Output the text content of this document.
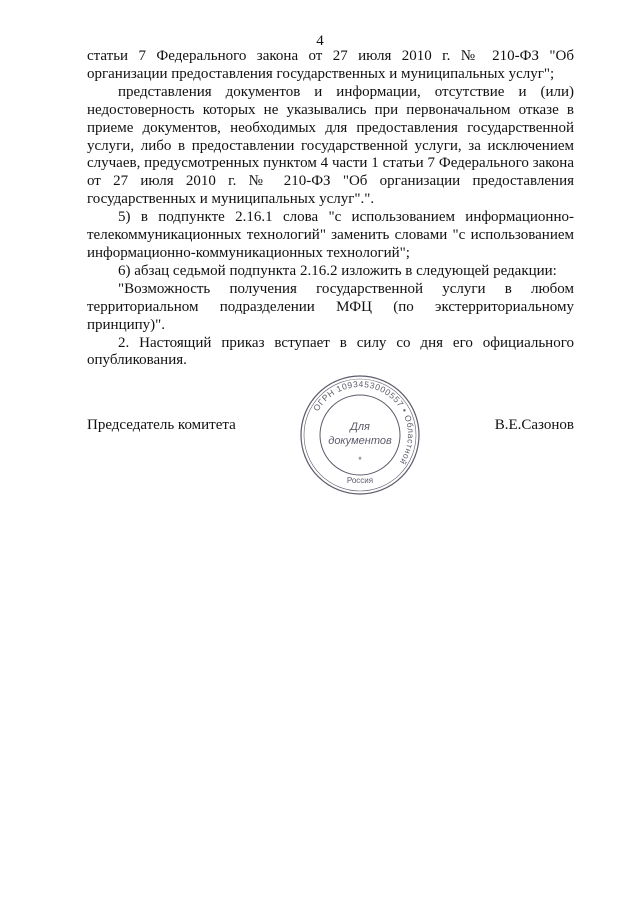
4

статьи 7 Федерального закона от 27 июля 2010 г. № 210-ФЗ "Об организации предоставления государственных и муниципальных услуг";

представления документов и информации, отсутствие и (или) недостоверность которых не указывались при первоначальном отказе в приеме документов, необходимых для предоставления государственной услуги, либо в предоставлении государственной услуги, за исключением случаев, предусмотренных пунктом 4 части 1 статьи 7 Федерального закона от 27 июля 2010 г. № 210-ФЗ "Об организации предоставления государственных и муниципальных услуг".".

5) в подпункте 2.16.1 слова "с использованием информационно-телекоммуникационных технологий" заменить словами "с использованием информационно-коммуникационных технологий";

6) абзац седьмой подпункта 2.16.2 изложить в следующей редакции:

"Возможность получения государственной услуги в любом территориальном подразделении МФЦ (по экстерриториальному принципу)".

2. Настоящий приказ вступает в силу со дня его официального опубликования.

Председатель комитета	В.Е.Сазонов
ОГРН 1093453000557 • Областной
Для
документов
*
Россия
